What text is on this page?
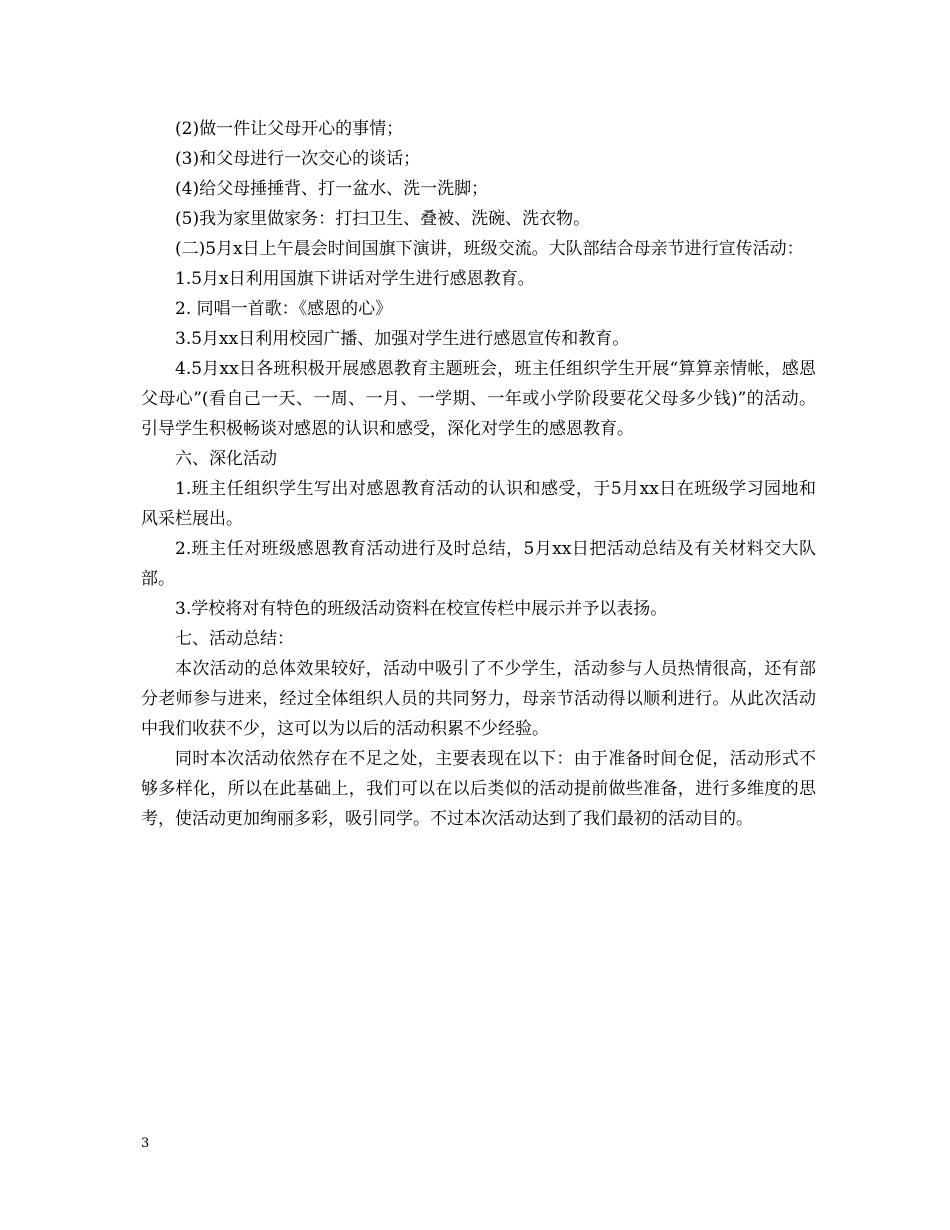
(2)做一件让父母开心的事情；

(3)和父母进行一次交心的谈话；

(4)给父母捶捶背、打一盆水、洗一洗脚；

(5)我为家里做家务：打扫卫生、叠被、洗碗、洗衣物。

(二)5月x日上午晨会时间国旗下演讲，班级交流。大队部结合母亲节进行宣传活动：

1.5月x日利用国旗下讲话对学生进行感恩教育。

2. 同唱一首歌：《感恩的心》

3.5月xx日利用校园广播、加强对学生进行感恩宣传和教育。

4.5月xx日各班积极开展感恩教育主题班会，班主任组织学生开展“算算亲情帐，感恩父母心”(看自己一天、一周、一月、一学期、一年或小学阶段要花父母多少钱)”的活动。引导学生积极畅谈对感恩的认识和感受，深化对学生的感恩教育。

六、深化活动

1.班主任组织学生写出对感恩教育活动的认识和感受，于5月xx日在班级学习园地和风采栏展出。

2.班主任对班级感恩教育活动进行及时总结，5月xx日把活动总结及有关材料交大队部。

3.学校将对有特色的班级活动资料在校宣传栏中展示并予以表扬。

七、活动总结：

本次活动的总体效果较好，活动中吸引了不少学生，活动参与人员热情很高，还有部分老师参与进来，经过全体组织人员的共同努力，母亲节活动得以顺利进行。从此次活动中我们收获不少，这可以为以后的活动积累不少经验。

同时本次活动依然存在不足之处，主要表现在以下：由于准备时间仓促，活动形式不够多样化，所以在此基础上，我们可以在以后类似的活动提前做些准备，进行多维度的思考，使活动更加绚丽多彩，吸引同学。不过本次活动达到了我们最初的活动目的。

3
